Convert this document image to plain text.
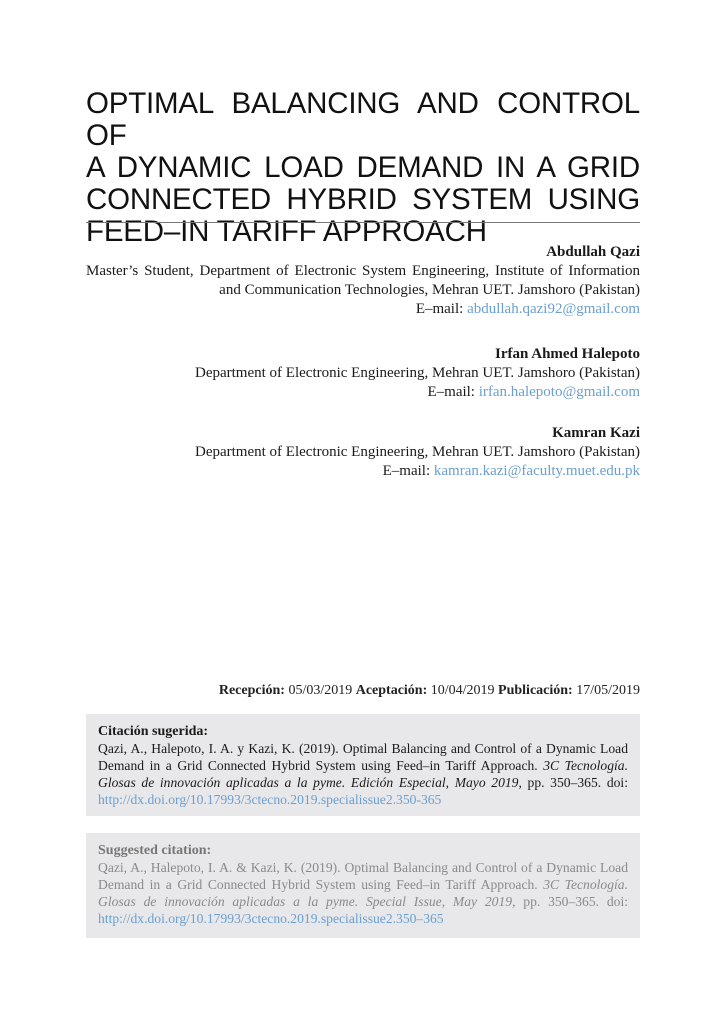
OPTIMAL BALANCING AND CONTROL OF
A DYNAMIC LOAD DEMAND IN A GRID
CONNECTED HYBRID SYSTEM USING
FEED–IN TARIFF APPROACH
Abdullah Qazi
Master’s Student, Department of Electronic System Engineering, Institute of Information and Communication Technologies, Mehran UET. Jamshoro (Pakistan)
E–mail: abdullah.qazi92@gmail.com
Irfan Ahmed Halepoto
Department of Electronic Engineering, Mehran UET. Jamshoro (Pakistan)
E–mail: irfan.halepoto@gmail.com
Kamran Kazi
Department of Electronic Engineering, Mehran UET. Jamshoro (Pakistan)
E–mail: kamran.kazi@faculty.muet.edu.pk
Recepción: 05/03/2019 Aceptación: 10/04/2019 Publicación: 17/05/2019
Citación sugerida:
Qazi, A., Halepoto, I. A. y Kazi, K. (2019). Optimal Balancing and Control of a Dynamic Load Demand in a Grid Connected Hybrid System using Feed–in Tariff Approach. 3C Tecnología. Glosas de innovación aplicadas a la pyme. Edición Especial, Mayo 2019, pp. 350–365. doi: http://dx.doi.org/10.17993/3ctecno.2019.specialissue2.350-365
Suggested citation:
Qazi, A., Halepoto, I. A. & Kazi, K. (2019). Optimal Balancing and Control of a Dynamic Load Demand in a Grid Connected Hybrid System using Feed–in Tariff Approach. 3C Tecnología. Glosas de innovación aplicadas a la pyme. Special Issue, May 2019, pp. 350–365. doi: http://dx.doi.org/10.17993/3ctecno.2019.specialissue2.350–365
